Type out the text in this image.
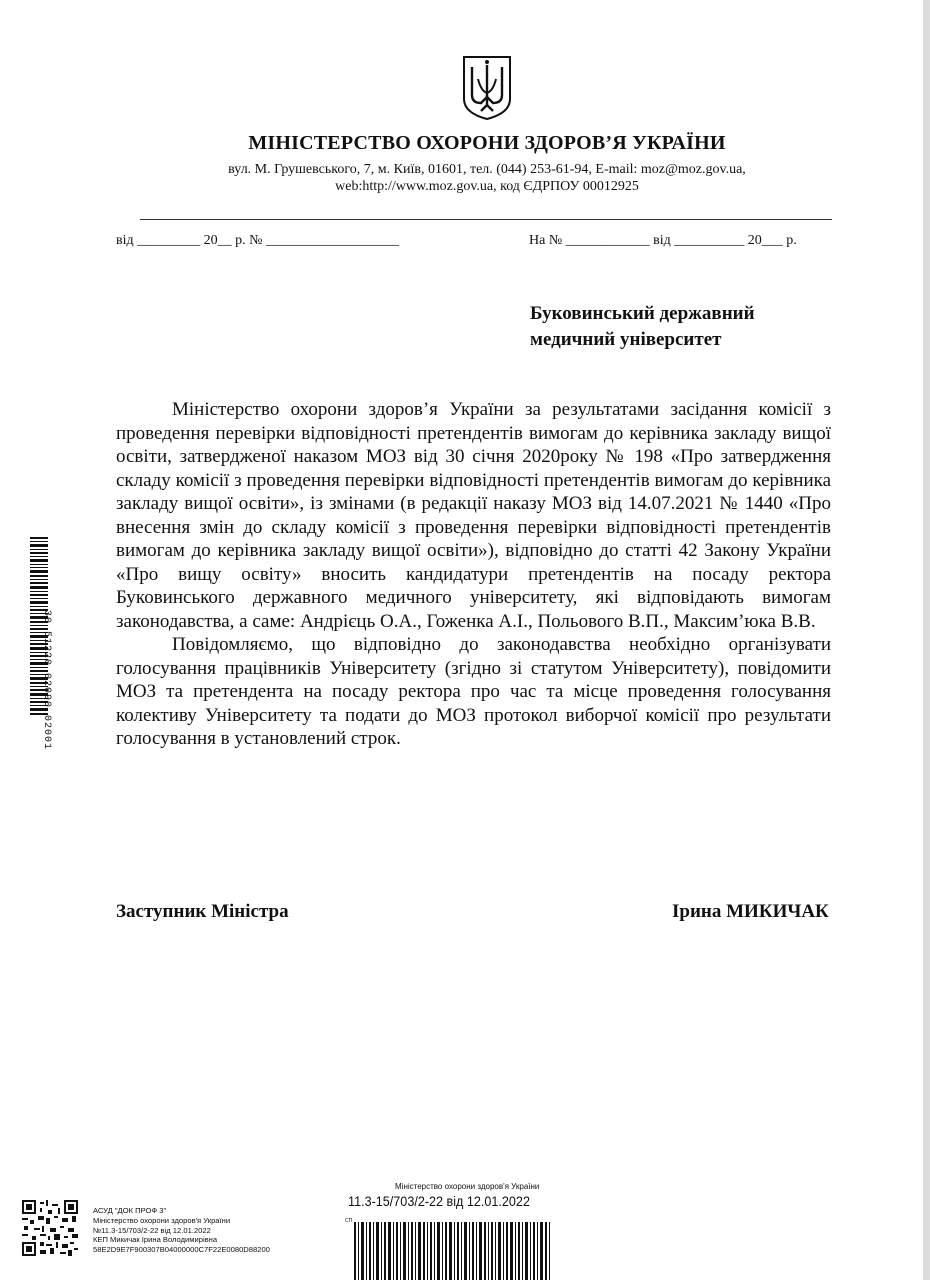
МІНІСТЕРСТВО ОХОРОНИ ЗДОРОВ’Я УКРАЇНИ
вул. М. Грушевського, 7, м. Київ, 01601, тел. (044) 253-61-94, E-mail: moz@moz.gov.ua,
web:http://www.moz.gov.ua, код ЄДРПОУ 00012925
від _________ 20__ р. № ___________________	На № ____________ від __________ 20___ р.
Буковинський державний
медичний університет

Міністерство охорони здоров’я України за результатами засідання комісії з проведення перевірки відповідності претендентів вимогам до керівника закладу вищої освіти, затвердженої наказом МОЗ від 30 січня 2020року № 198 «Про затвердження складу комісії з проведення перевірки відповідності претендентів вимогам до керівника закладу вищої освіти», із змінами (в редакції наказу МОЗ від 14.07.2021 № 1440 «Про внесення змін до складу комісії з проведення перевірки відповідності претендентів вимогам до керівника закладу вищої освіти»), відповідно до статті 42 Закону України «Про вищу освіту» вносить кандидатури претендентів на посаду ректора Буковинського державного медичного університету, які відповідають вимогам законодавства, а саме: Андрієць О.А., Гоженка А.І., Польового В.П., Максим’юка В.В.

Повідомляємо, що відповідно до законодавства необхідно організувати голосування працівників Університету (згідно зі статутом Університету), повідомити МОЗ та претендента на посаду ректора про час та місце проведення голосування колективу Університету та подати до МОЗ протокол виборчої комісії про результати голосування в установлений строк.

Заступник Міністра	Ірина МИКИЧАК
30 51220 02090 02001
АСУД "ДОК ПРОФ 3"
Міністерство охорони здоров'я України
№11.3-15/703/2-22 від 12.01.2022
КЕП Микичак Ірина Володимирівна
58E2D9E7F900307B04000000C7F22E0080D88200
Міністерство охорони здоров'я України
11.3-15/703/2-22 від 12.01.2022
СП
